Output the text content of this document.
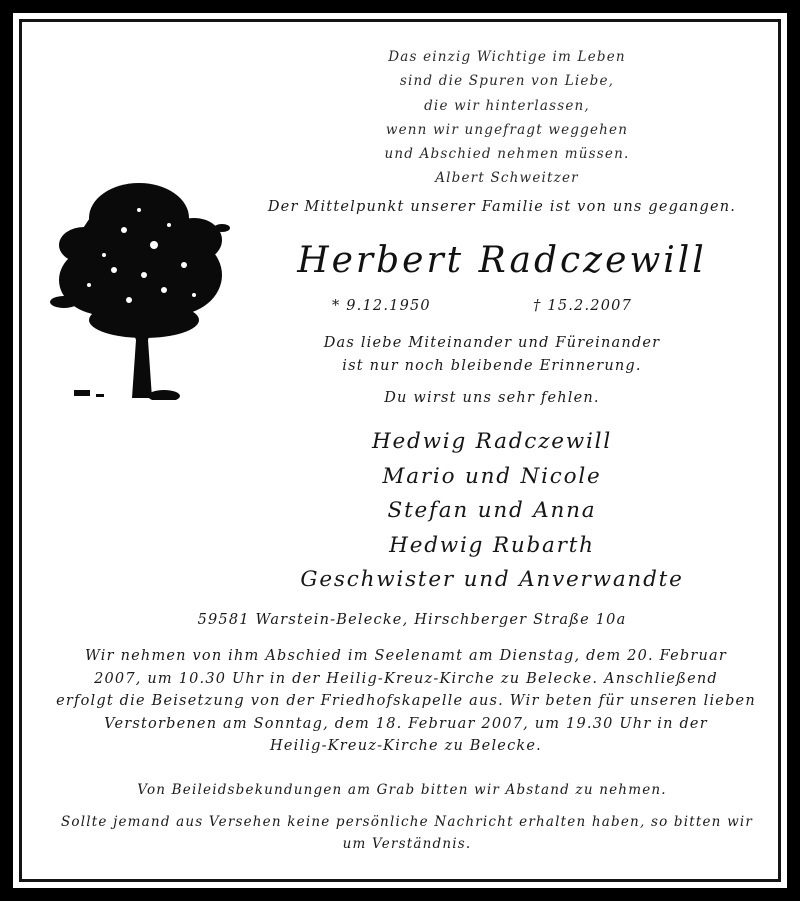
Das einzig Wichtige im Leben
sind die Spuren von Liebe,
die wir hinterlassen,
wenn wir ungefragt weggehen
und Abschied nehmen müssen.
Albert Schweitzer
Der Mittelpunkt unserer Familie ist von uns gegangen.
Herbert Radczewill
* 9.12.1950	† 15.2.2007
Das liebe Miteinander und Füreinander
ist nur noch bleibende Erinnerung.
Du wirst uns sehr fehlen.
Hedwig Radczewill
Mario und Nicole
Stefan und Anna
Hedwig Rubarth
Geschwister und Anverwandte
59581 Warstein-Belecke, Hirschberger Straße 10a
Wir nehmen von ihm Abschied im Seelenamt am Dienstag, dem 20. Februar
2007, um 10.30 Uhr in der Heilig-Kreuz-Kirche zu Belecke. Anschließend
erfolgt die Beisetzung von der Friedhofskapelle aus. Wir beten für unseren lieben
Verstorbenen am Sonntag, dem 18. Februar 2007, um 19.30 Uhr in der
Heilig-Kreuz-Kirche zu Belecke.
Von Beileidsbekundungen am Grab bitten wir Abstand zu nehmen.
Sollte jemand aus Versehen keine persönliche Nachricht erhalten haben, so bitten wir
um Verständnis.
